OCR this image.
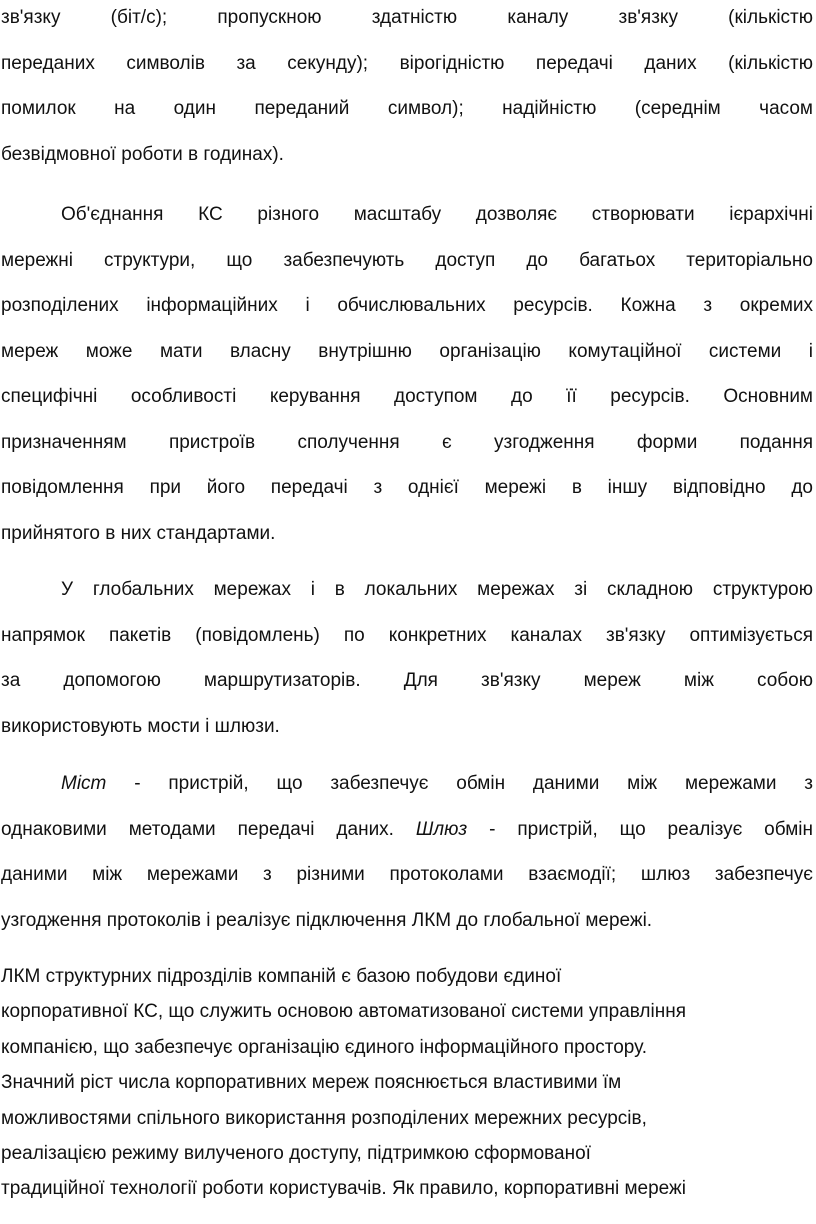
зв'язку (біт/с); пропускною здатністю каналу зв'язку (кількістю
переданих символів за секунду); вірогідністю передачі даних (кількістю
помилок на один переданий символ); надійністю (середнім часом
безвідмовної роботи в годинах).
Об'єднання КС різного масштабу дозволяє створювати ієрархічні
мережні структури, що забезпечують доступ до багатьох територіально
розподілених інформаційних і обчислювальних ресурсів. Кожна з окремих
мереж може мати власну внутрішню організацію комутаційної системи і
специфічні особливості керування доступом до її ресурсів. Основним
призначенням пристроїв сполучення є узгодження форми подання
повідомлення при його передачі з однієї мережі в іншу відповідно до
прийнятого в них стандартами.
У глобальних мережах і в локальних мережах зі складною структурою
напрямок пакетів (повідомлень) по конкретних каналах зв'язку оптимізується
за допомогою маршрутизаторів. Для зв'язку мереж між собою
використовують мости і шлюзи.
Міст - пристрій, що забезпечує обмін даними між мережами з
однаковими методами передачі даних. Шлюз - пристрій, що реалізує обмін
даними між мережами з різними протоколами взаємодії; шлюз забезпечує
узгодження протоколів і реалізує підключення ЛКМ до глобальної мережі.
ЛКМ структурних підрозділів компаній є базою побудови єдиної
корпоративної КС, що служить основою автоматизованої системи управління
компанією, що забезпечує організацію єдиного інформаційного простору.
Значний ріст числа корпоративних мереж пояснюється властивими їм
можливостями спільного використання розподілених мережних ресурсів,
реалізацією режиму вилученого доступу, підтримкою сформованої
традиційної технології роботи користувачів. Як правило, корпоративні мережі
